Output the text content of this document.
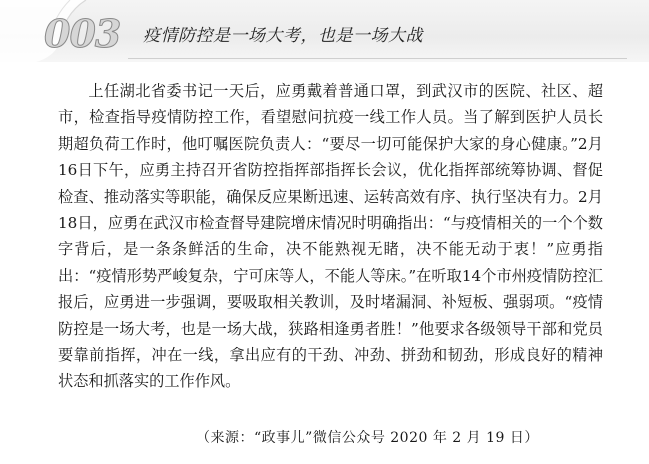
003 疫情防控是一场大考，也是一场大战

上任湖北省委书记一天后，应勇戴着普通口罩，到武汉市的医院、社区、超市，检查指导疫情防控工作，看望慰问抗疫一线工作人员。当了解到医护人员长期超负荷工作时，他叮嘱医院负责人：“要尽一切可能保护大家的身心健康。”2月16日下午，应勇主持召开省防控指挥部指挥长会议，优化指挥部统筹协调、督促检查、推动落实等职能，确保反应果断迅速、运转高效有序、执行坚决有力。2月18日，应勇在武汉市检查督导建院增床情况时明确指出：“与疫情相关的一个个数字背后，是一条条鲜活的生命，决不能熟视无睹，决不能无动于衷！”应勇指出：“疫情形势严峻复杂，宁可床等人，不能人等床。”在听取14个市州疫情防控汇报后，应勇进一步强调，要吸取相关教训，及时堵漏洞、补短板、强弱项。“疫情防控是一场大考，也是一场大战，狭路相逢勇者胜！”他要求各级领导干部和党员要靠前指挥，冲在一线，拿出应有的干劲、冲劲、拼劲和韧劲，形成良好的精神状态和抓落实的工作作风。

（来源：“政事儿”微信公众号 2020 年 2 月 19 日）
